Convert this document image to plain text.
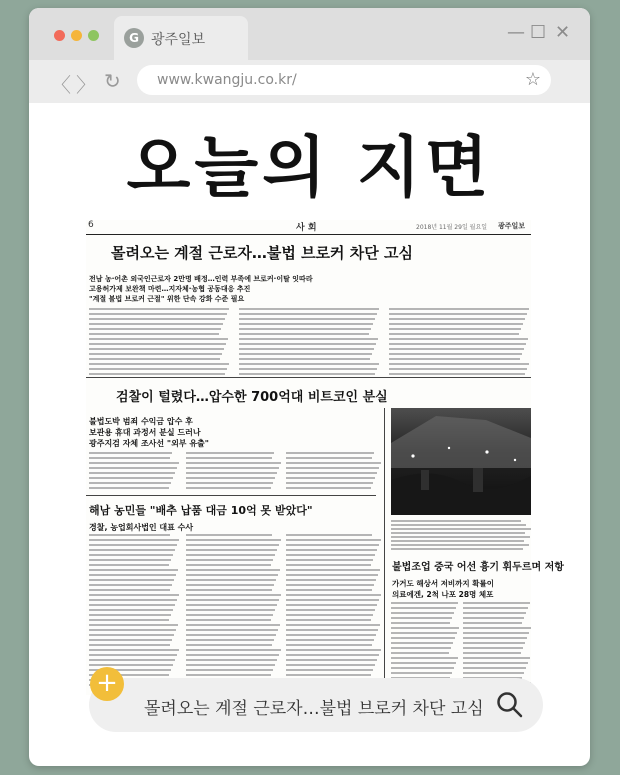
G 광주일보	— ☐ ✕
〈 〉 ↻	www.kwangju.co.kr/	☆
오늘의 지면
6	사 회	2018년 11월 29일 월요일 광주일보
몰려오는 계절 근로자…불법 브로커 차단 고심
전남 농·어촌 외국인근로자 2만명 배정…인력 부족에 브로커·이탈 잇따라
고용허가제 보완책 마련…지자체·농협 공동대응 추진
"계절 불법 브로커 근절" 위한 단속 강화 수준 필요
검찰이 털렸다…압수한 700억대 비트코인 분실
불법도박 범죄 수익금 압수 후
보관용 휴대 과정서 분실 드러나
광주지검 자체 조사선 "외부 유출"
해남 농민들 "배추 납품 대금 10억 못 받았다"
경찰, 농업회사법인 대표 수사
불법조업 중국 어선 흉기 휘두르며 저항
가거도 해상서 저비까지 확률이
의료에겐, 2척 나포 28명 체포
몰려오는 계절 근로자…불법 브로커 차단 고심
+
